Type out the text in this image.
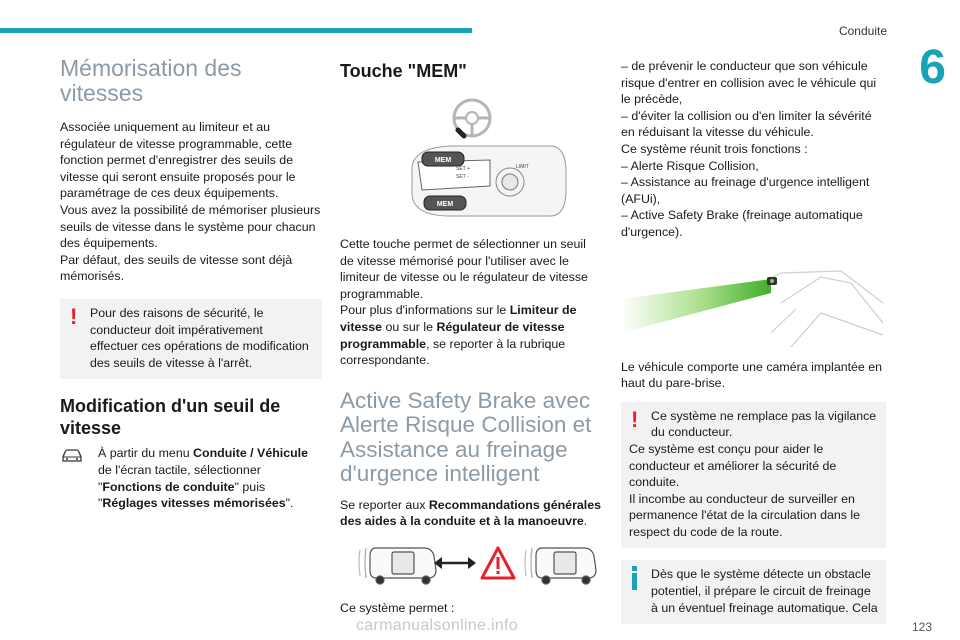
Conduite
6
Mémorisation des vitesses

Associée uniquement au limiteur et au régulateur de vitesse programmable, cette fonction permet d'enregistrer des seuils de vitesse qui seront ensuite proposés pour le paramétrage de ces deux équipements.

Vous avez la possibilité de mémoriser plusieurs seuils de vitesse dans le système pour chacun des équipements.

Par défaut, des seuils de vitesse sont déjà mémorisés.

!	Pour des raisons de sécurité, le conducteur doit impérativement effectuer ces opérations de modification des seuils de vitesse à l'arrêt.

Modification d'un seuil de vitesse

À partir du menu Conduite / Véhicule de l'écran tactile, sélectionner "Fonctions de conduite" puis "Réglages vitesses mémorisées".

Touche "MEM"
MEM
MEM
SET -
SET +	LIMIT

Cette touche permet de sélectionner un seuil de vitesse mémorisé pour l'utiliser avec le limiteur de vitesse ou le régulateur de vitesse programmable.

Pour plus d'informations sur le Limiteur de vitesse ou sur le Régulateur de vitesse programmable, se reporter à la rubrique correspondante.

Active Safety Brake avec Alerte Risque Collision et Assistance au freinage d'urgence intelligent

Se reporter aux Recommandations générales des aides à la conduite et à la manoeuvre.

Ce système permet :

– de prévenir le conducteur que son véhicule risque d'entrer en collision avec le véhicule qui le précède,

– d'éviter la collision ou d'en limiter la sévérité en réduisant la vitesse du véhicule.

Ce système réunit trois fonctions :

– Alerte Risque Collision,

– Assistance au freinage d'urgence intelligent (AFUi),

– Active Safety Brake (freinage automatique d'urgence).

Le véhicule comporte une caméra implantée en haut du pare-brise.

!	Ce système ne remplace pas la vigilance du conducteur.

Ce système est conçu pour aider le conducteur et améliorer la sécurité de conduite.

Il incombe au conducteur de surveiller en permanence l'état de la circulation dans le respect du code de la route.

Dès que le système détecte un obstacle potentiel, il prépare le circuit de freinage à un éventuel freinage automatique. Cela

123
carmanualsonline.info
